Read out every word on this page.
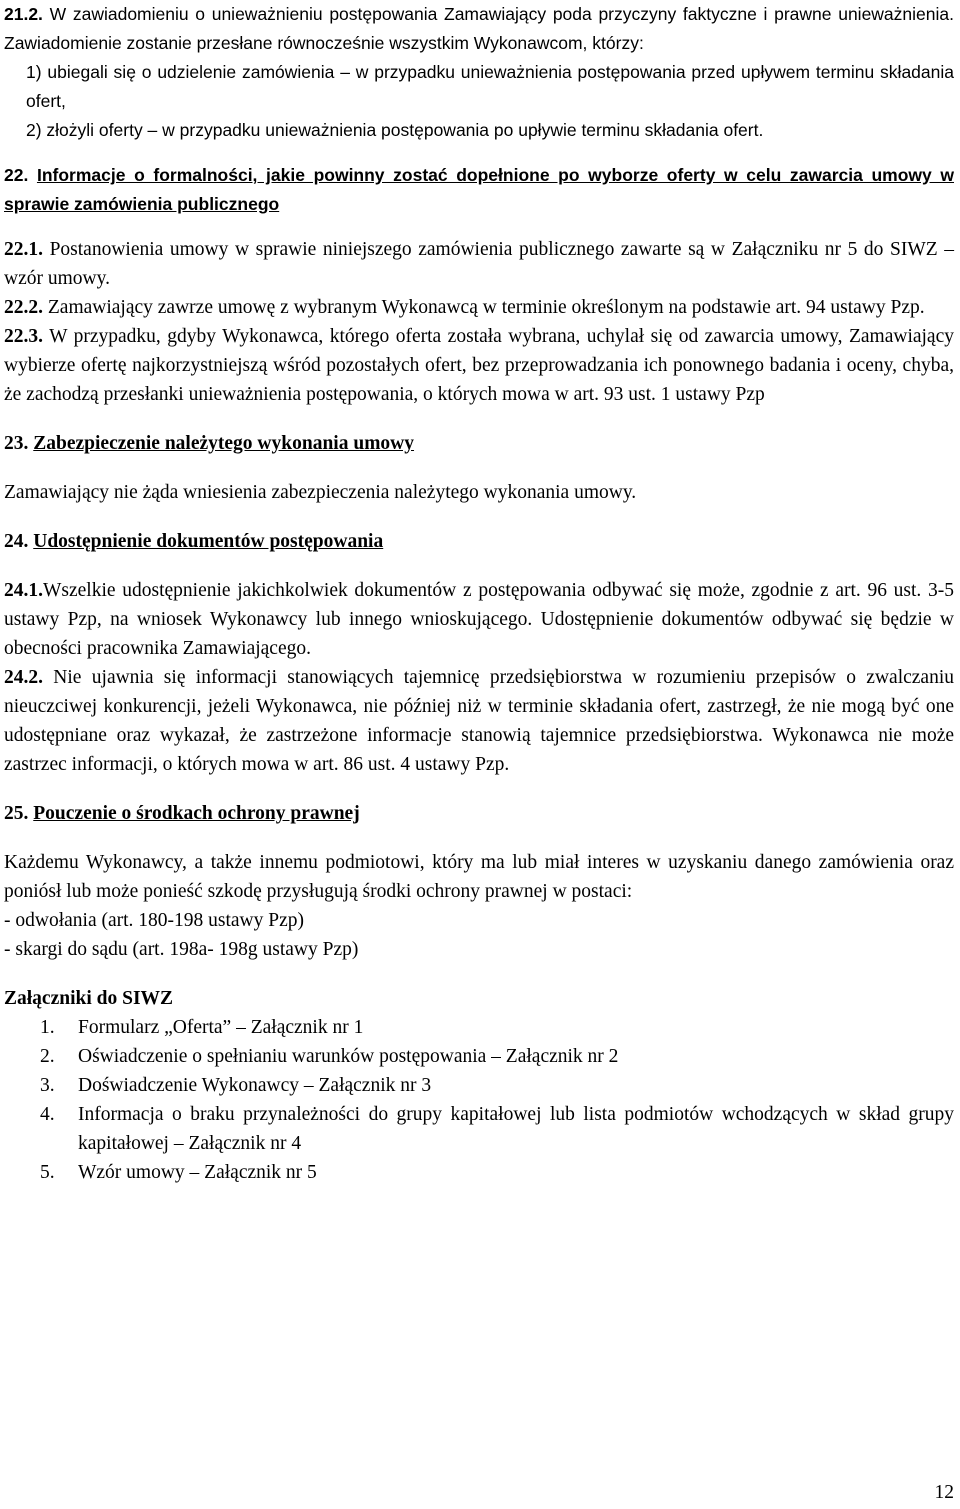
21.2. W zawiadomieniu o unieważnieniu postępowania Zamawiający poda przyczyny faktyczne i prawne unieważnienia. Zawiadomienie zostanie przesłane równocześnie wszystkim Wykonawcom, którzy:

1) ubiegali się o udzielenie zamówienia – w przypadku unieważnienia postępowania przed upływem terminu składania ofert,

2) złożyli oferty – w przypadku unieważnienia postępowania po upływie terminu składania ofert.

22. Informacje o formalności, jakie powinny zostać dopełnione po wyborze oferty w celu zawarcia umowy w sprawie zamówienia publicznego

22.1. Postanowienia umowy w sprawie niniejszego zamówienia publicznego zawarte są w Załączniku nr 5 do SIWZ – wzór umowy.

22.2. Zamawiający zawrze umowę z wybranym Wykonawcą w terminie określonym na podstawie art. 94 ustawy Pzp.

22.3. W przypadku, gdyby Wykonawca, którego oferta została wybrana, uchylał się od zawarcia umowy, Zamawiający wybierze ofertę najkorzystniejszą wśród pozostałych ofert, bez przeprowadzania ich ponownego badania i oceny, chyba, że zachodzą przesłanki unieważnienia postępowania, o których mowa w art. 93 ust. 1 ustawy Pzp

23. Zabezpieczenie należytego wykonania umowy

Zamawiający nie żąda wniesienia zabezpieczenia należytego wykonania umowy.

24. Udostępnienie dokumentów postępowania

24.1.Wszelkie udostępnienie jakichkolwiek dokumentów z postępowania odbywać się może, zgodnie z art. 96 ust. 3-5 ustawy Pzp, na wniosek Wykonawcy lub innego wnioskującego. Udostępnienie dokumentów odbywać się będzie w obecności pracownika Zamawiającego.

24.2. Nie ujawnia się informacji stanowiących tajemnicę przedsiębiorstwa w rozumieniu przepisów o zwalczaniu nieuczciwej konkurencji, jeżeli Wykonawca, nie później niż w terminie składania ofert, zastrzegł, że nie mogą być one udostępniane oraz wykazał, że zastrzeżone informacje stanowią tajemnice przedsiębiorstwa. Wykonawca nie może zastrzec informacji, o których mowa w art. 86 ust. 4 ustawy Pzp.

25. Pouczenie o środkach ochrony prawnej

Każdemu Wykonawcy, a także innemu podmiotowi, który ma lub miał interes w uzyskaniu danego zamówienia oraz poniósł lub może ponieść szkodę przysługują środki ochrony prawnej w postaci:

- odwołania (art. 180-198 ustawy Pzp)

- skargi do sądu (art. 198a- 198g ustawy Pzp)

Załączniki do SIWZ

1. Formularz „Oferta” – Załącznik nr 1
2. Oświadczenie o spełnianiu warunków postępowania – Załącznik nr 2
3. Doświadczenie Wykonawcy – Załącznik nr 3
4. Informacja o braku przynależności do grupy kapitałowej lub lista podmiotów wchodzących w skład grupy kapitałowej – Załącznik nr 4
5. Wzór umowy – Załącznik nr 5
12
